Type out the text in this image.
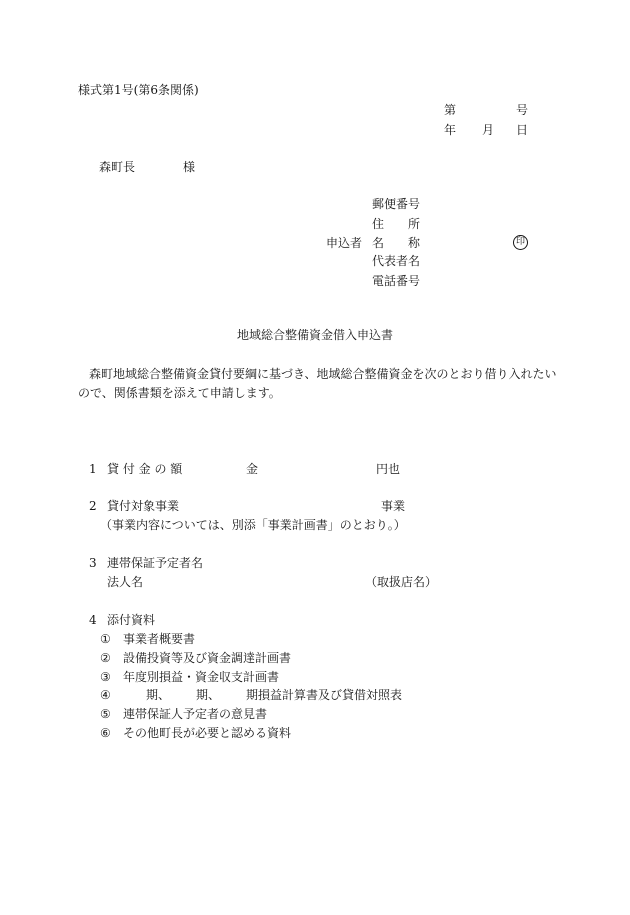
様式第1号(第6条関係)
第	号
年 月 日
森町長	様
郵便番号
住　　所
申込者 名　　称	印
代表者名
電話番号
地域総合整備資金借入申込書
森町地域総合整備資金貸付要綱に基づき、地域総合整備資金を次のとおり借り入れたい
ので、関係書類を添えて申請します。
1 貸 付 金 の 額	金	円也
2 貸付対象事業	事業
（事業内容については、別添「事業計画書」のとおり。）
3 連帯保証予定者名
法人名	（取扱店名）
4 添付資料
① 事業者概要書
② 設備投資等及び資金調達計画書
③ 年度別損益・資金収支計画書
④	期、 期、 期損益計算書及び貸借対照表
⑤ 連帯保証人予定者の意見書
⑥ その他町長が必要と認める資料
